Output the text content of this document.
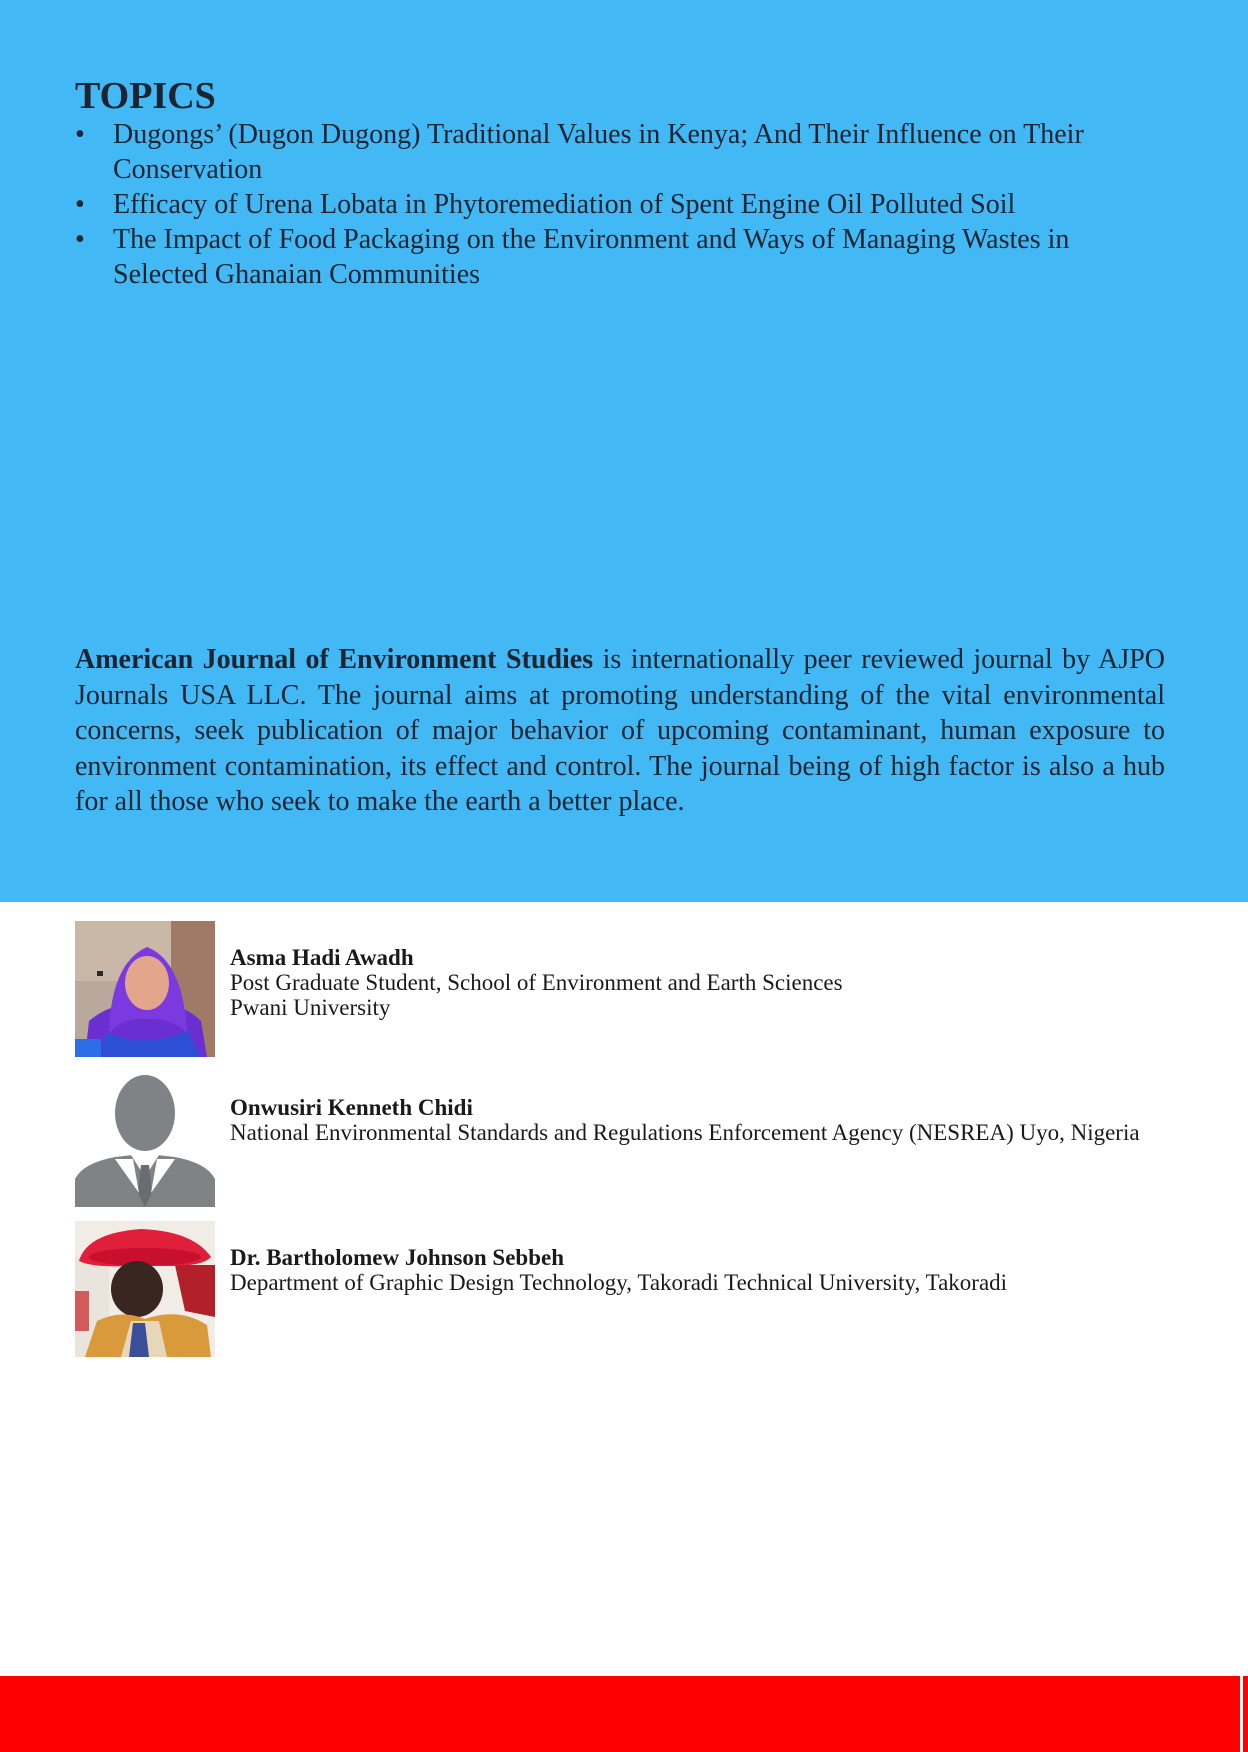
TOPICS
• Dugongs’ (Dugon Dugong) Traditional Values in Kenya; And Their Influence on Their Conservation
• Efficacy of Urena Lobata in Phytoremediation of Spent Engine Oil Polluted Soil
• The Impact of Food Packaging on the Environment and Ways of Managing Wastes in Selected Ghanaian Communities

American Journal of Environment Studies is internationally peer reviewed journal by AJPO Journals USA LLC. The journal aims at promoting understanding of the vital environmental concerns, seek publication of major behavior of upcoming contaminant, human exposure to environment contamination, its effect and control. The journal being of high factor is also a hub for all those who seek to make the earth a better place.

Asma Hadi Awadh
Post Graduate Student, School of Environment and Earth Sciences
Pwani University
Onwusiri Kenneth Chidi
National Environmental Standards and Regulations Enforcement Agency (NESREA) Uyo, Nigeria
Dr. Bartholomew Johnson Sebbeh
Department of Graphic Design Technology, Takoradi Technical University, Takoradi
